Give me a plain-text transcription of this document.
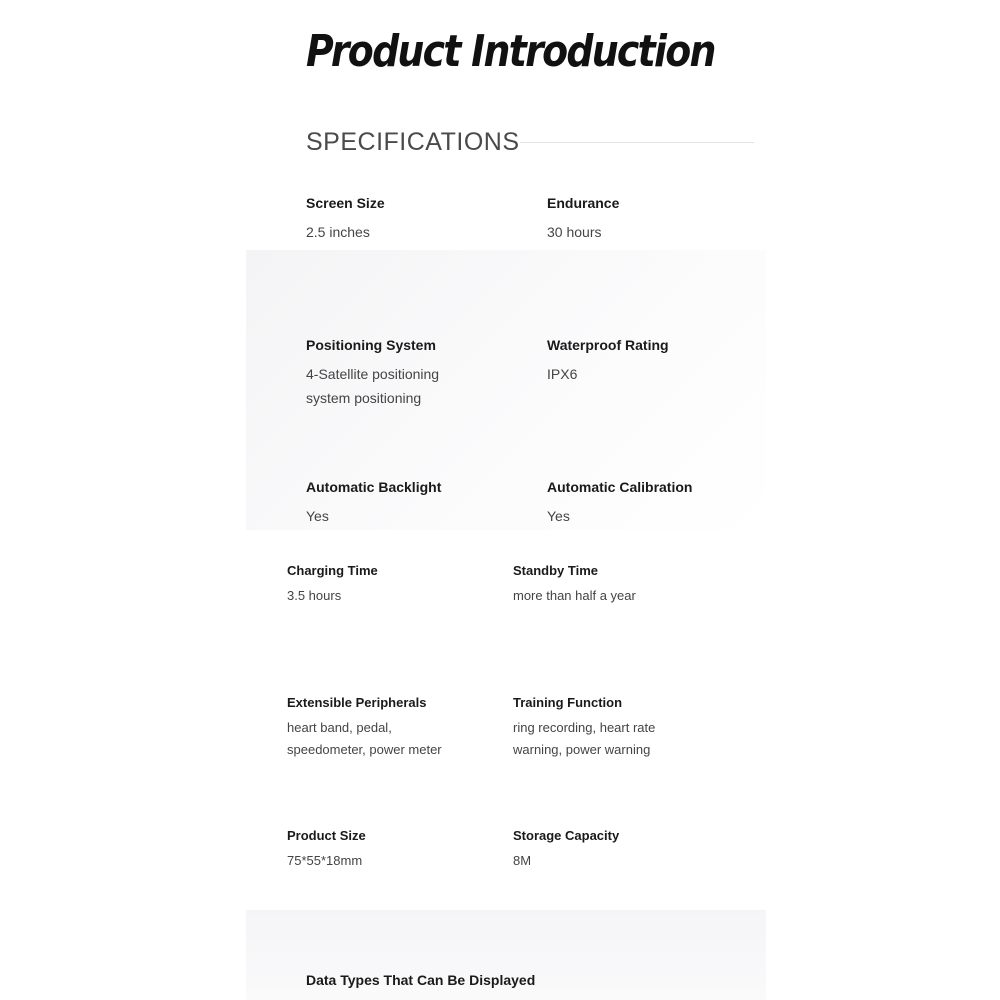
Product Introduction
SPECIFICATIONS
Screen Size
2.5 inches
Endurance
30 hours
Positioning System
4-Satellite positioning system positioning
Waterproof Rating
IPX6
Automatic Backlight
Yes
Automatic Calibration
Yes
Charging Time
3.5 hours
Standby Time
more than half a year
Extensible Peripherals
heart band, pedal, speedometer, power meter
Training Function
ring recording, heart rate warning, power warning
Product Size
75*55*18mm
Storage Capacity
8M
Data Types That Can Be Displayed
